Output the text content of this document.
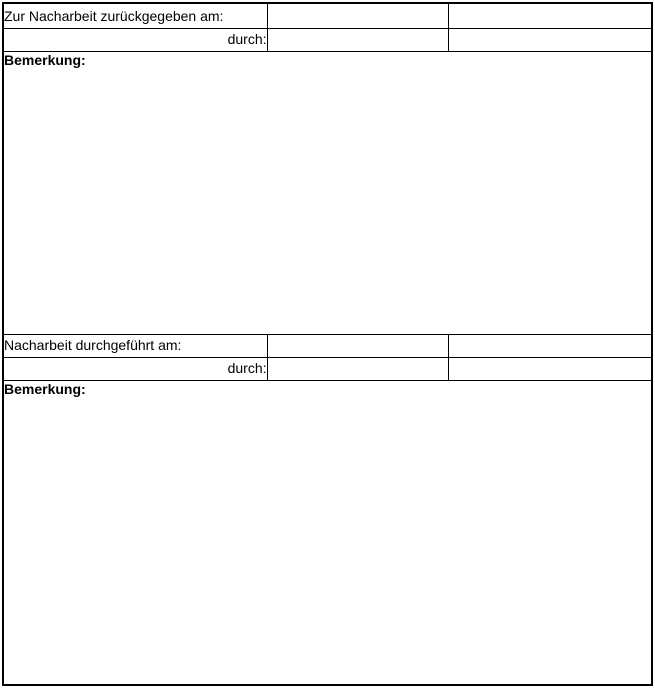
Zur Nacharbeit zurückgegeben am:		
durch:		
Bemerkung:		
Nacharbeit durchgeführt am:		
durch:		
Bemerkung:		
